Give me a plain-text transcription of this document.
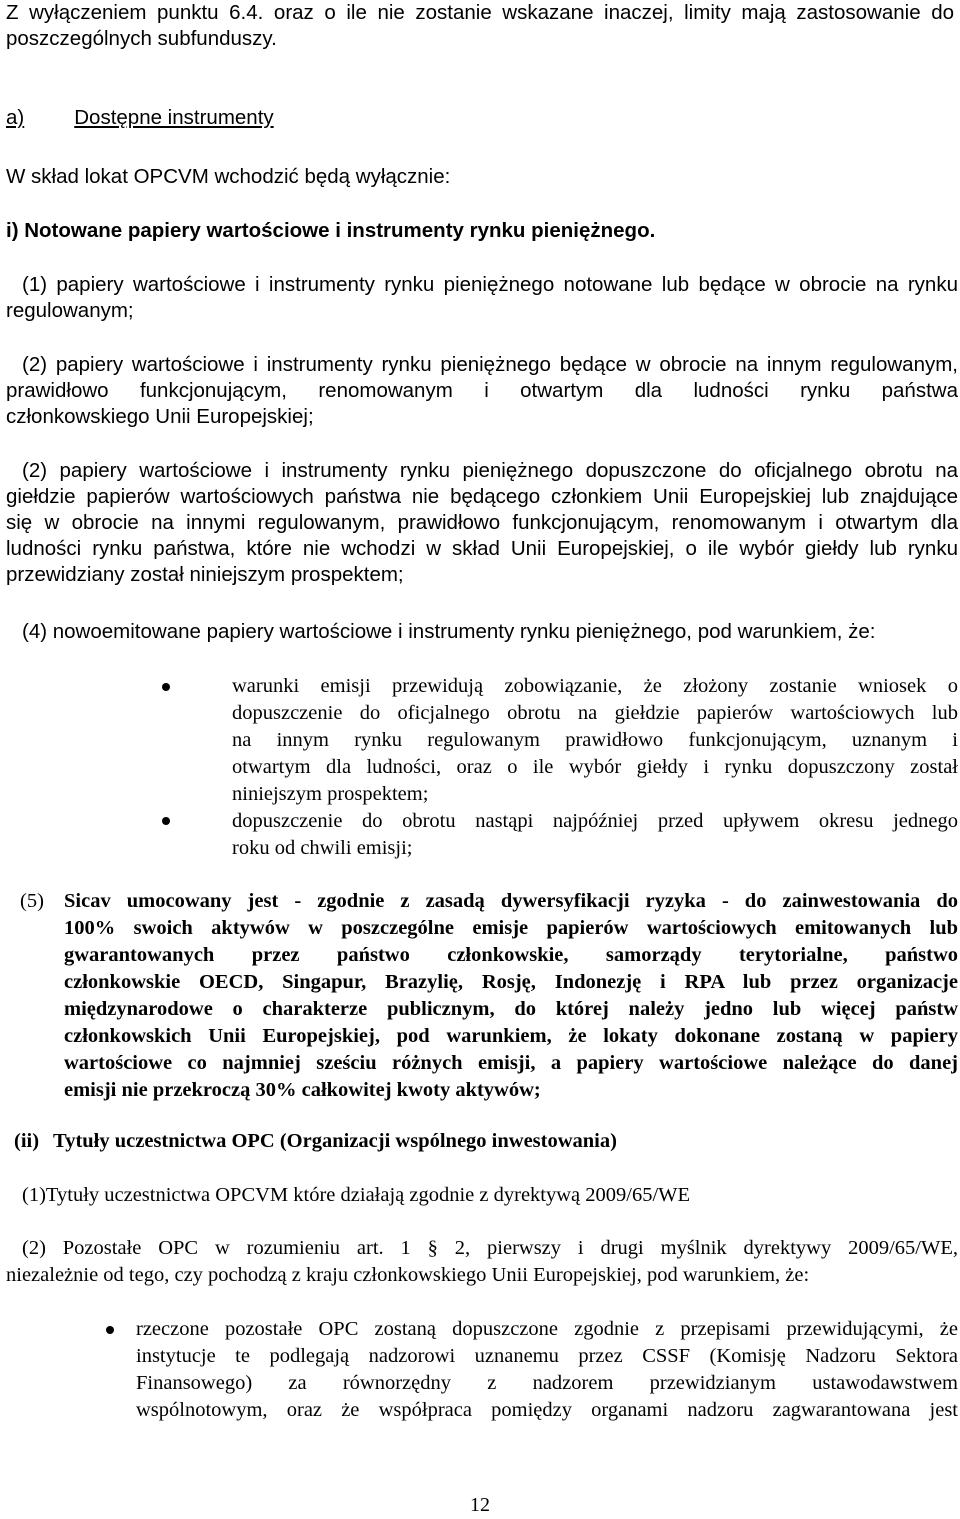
Z wyłączeniem punktu 6.4. oraz o ile nie zostanie wskazane inaczej, limity mają zastosowanie do
poszczególnych subfunduszy.
a) Dostępne instrumenty
W skład lokat OPCVM wchodzić będą wyłącznie:
i) Notowane papiery wartościowe i instrumenty rynku pieniężnego.
(1) papiery wartościowe i instrumenty rynku pieniężnego notowane lub będące w obrocie na rynku
regulowanym;
(2) papiery wartościowe i instrumenty rynku pieniężnego będące w obrocie na innym regulowanym,
prawidłowo funkcjonującym, renomowanym i otwartym dla ludności rynku państwa
członkowskiego Unii Europejskiej;
(2) papiery wartościowe i instrumenty rynku pieniężnego dopuszczone do oficjalnego obrotu na
giełdzie papierów wartościowych państwa nie będącego członkiem Unii Europejskiej lub znajdujące
się w obrocie na innymi regulowanym, prawidłowo funkcjonującym, renomowanym i otwartym dla
ludności rynku państwa, które nie wchodzi w skład Unii Europejskiej, o ile wybór giełdy lub rynku
przewidziany został niniejszym prospektem;
(4) nowoemitowane papiery wartościowe i instrumenty rynku pieniężnego, pod warunkiem, że:
warunki emisji przewidują zobowiązanie, że złożony zostanie wniosek o
dopuszczenie do oficjalnego obrotu na giełdzie papierów wartościowych lub
na innym rynku regulowanym prawidłowo funkcjonującym, uznanym i
otwartym dla ludności, oraz o ile wybór giełdy i rynku dopuszczony został
niniejszym prospektem;
dopuszczenie do obrotu nastąpi najpóźniej przed upływem okresu jednego
roku od chwili emisji;
(5) Sicav umocowany jest - zgodnie z zasadą dywersyfikacji ryzyka - do zainwestowania do
100% swoich aktywów w poszczególne emisje papierów wartościowych emitowanych lub
gwarantowanych przez państwo członkowskie, samorządy terytorialne, państwo
członkowskie OECD, Singapur, Brazylię, Rosję, Indonezję i RPA lub przez organizacje
międzynarodowe o charakterze publicznym, do której należy jedno lub więcej państw
członkowskich Unii Europejskiej, pod warunkiem, że lokaty dokonane zostaną w papiery
wartościowe co najmniej sześciu różnych emisji, a papiery wartościowe należące do danej
emisji nie przekroczą 30% całkowitej kwoty aktywów;
(ii) Tytuły uczestnictwa OPC (Organizacji wspólnego inwestowania)
(1)Tytuły uczestnictwa OPCVM które działają zgodnie z dyrektywą 2009/65/WE
(2) Pozostałe OPC w rozumieniu art. 1 § 2, pierwszy i drugi myślnik dyrektywy 2009/65/WE,
niezależnie od tego, czy pochodzą z kraju członkowskiego Unii Europejskiej, pod warunkiem, że:
rzeczone pozostałe OPC zostaną dopuszczone zgodnie z przepisami przewidującymi, że
instytucje te podlegają nadzorowi uznanemu przez CSSF (Komisję Nadzoru Sektora
Finansowego) za równorzędny z nadzorem przewidzianym ustawodawstwem
wspólnotowym, oraz że współpraca pomiędzy organami nadzoru zagwarantowana jest
12
